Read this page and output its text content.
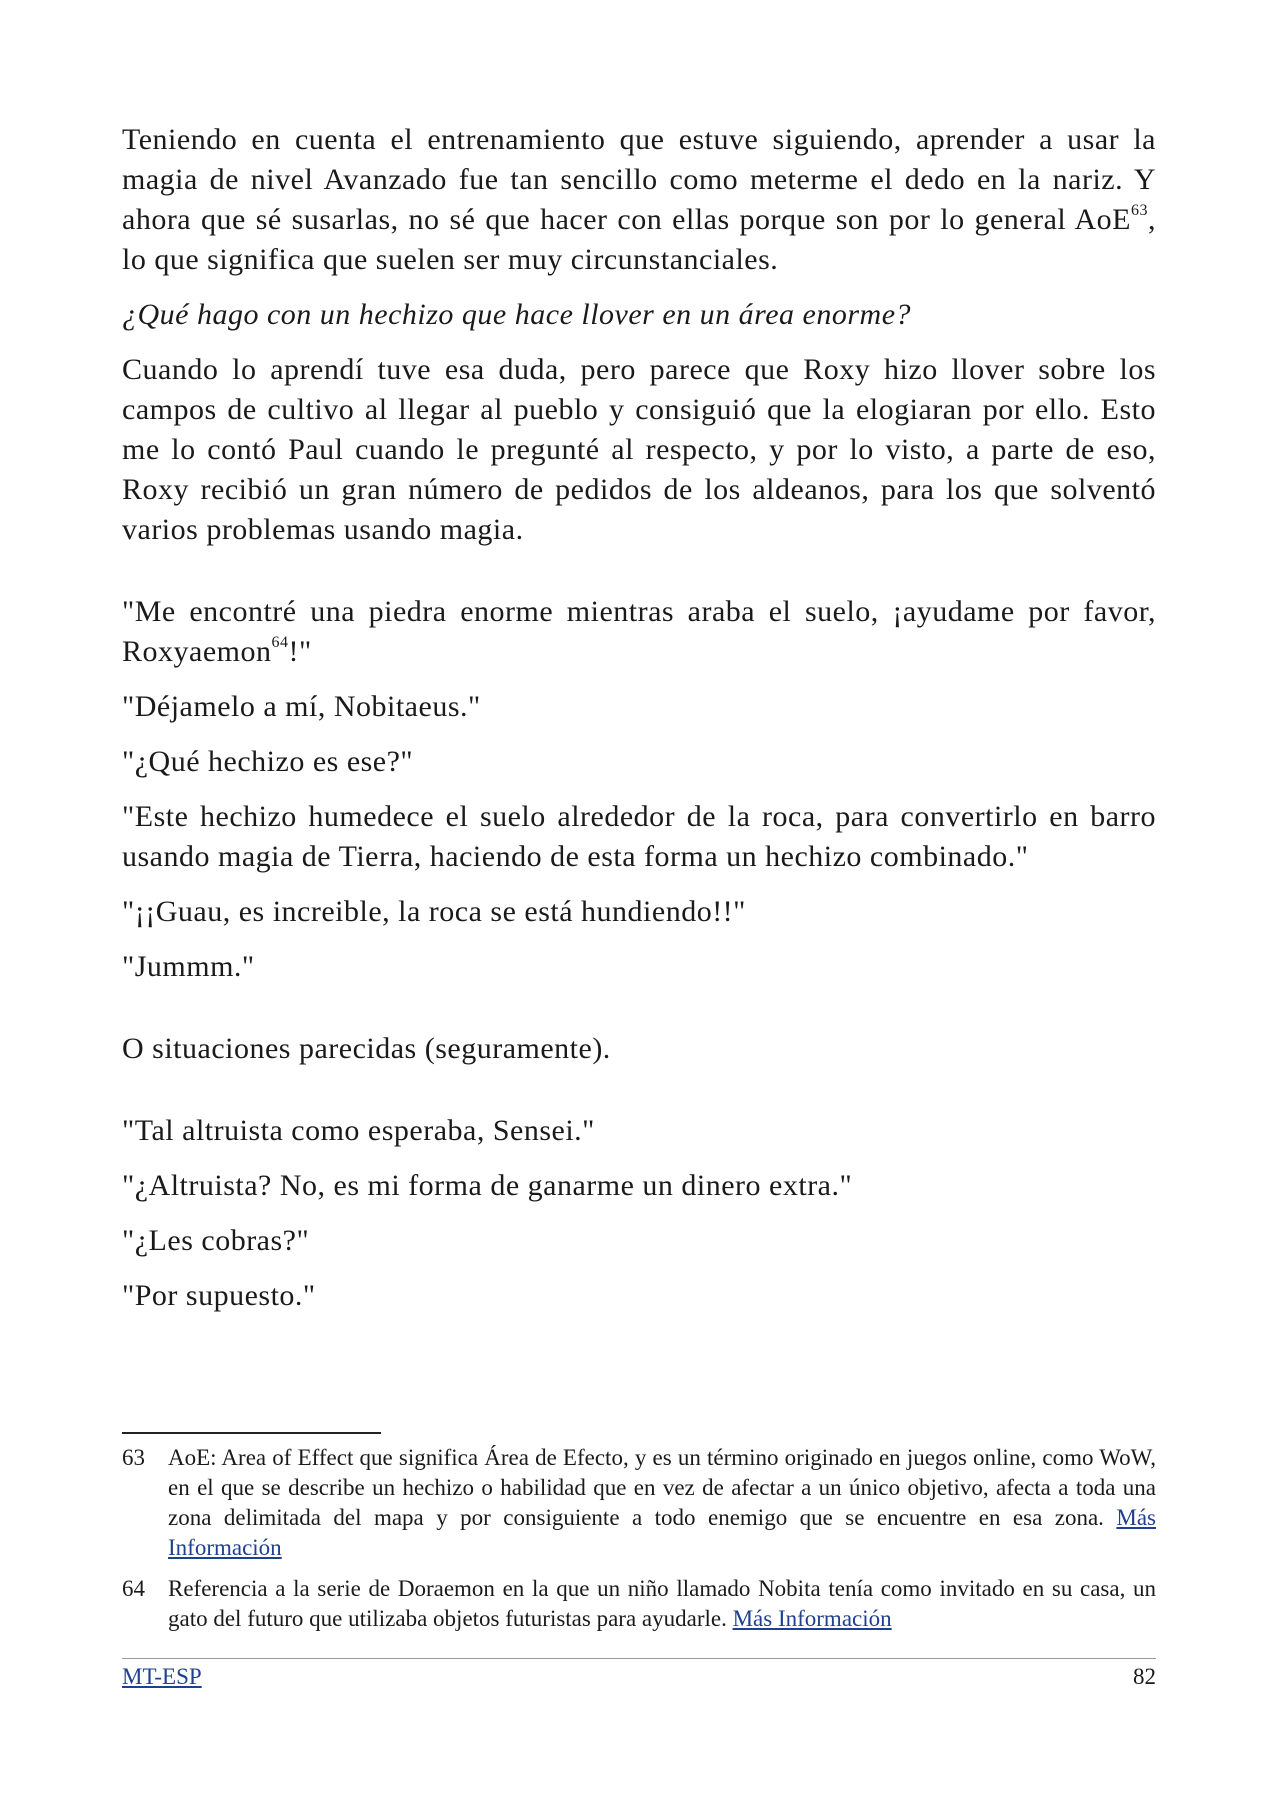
Teniendo en cuenta el entrenamiento que estuve siguiendo, aprender a usar la magia de nivel Avanzado fue tan sencillo como meterme el dedo en la nariz. Y ahora que sé susarlas, no sé que hacer con ellas porque son por lo general AoE$^{63}$, lo que significa que suelen ser muy circunstanciales.

¿Qué hago con un hechizo que hace llover en un área enorme?

Cuando lo aprendí tuve esa duda, pero parece que Roxy hizo llover sobre los campos de cultivo al llegar al pueblo y consiguió que la elogiaran por ello. Esto me lo contó Paul cuando le pregunté al respecto, y por lo visto, a parte de eso, Roxy recibió un gran número de pedidos de los aldeanos, para los que solventó varios problemas usando magia.

"Me encontré una piedra enorme mientras araba el suelo, ¡ayudame por favor, Roxyaemon$^{64}$!"

"Déjamelo a mí, Nobitaeus."

"¿Qué hechizo es ese?"

"Este hechizo humedece el suelo alrededor de la roca, para convertirlo en barro usando magia de Tierra, haciendo de esta forma un hechizo combinado."

"¡¡Guau, es increible, la roca se está hundiendo!!"

"Jummm."

O situaciones parecidas (seguramente).

"Tal altruista como esperaba, Sensei."

"¿Altruista? No, es mi forma de ganarme un dinero extra."

"¿Les cobras?"

"Por supuesto."

63	AoE: Area of Effect que significa Área de Efecto, y es un término originado en juegos online, como WoW, en el que se describe un hechizo o habilidad que en vez de afectar a un único objetivo, afecta a toda una zona delimitada del mapa y por consiguiente a todo enemigo que se encuentre en esa zona. Más Información
64	Referencia a la serie de Doraemon en la que un niño llamado Nobita tenía como invitado en su casa, un gato del futuro que utilizaba objetos futuristas para ayudarle. Más Información
MT-ESP	82
